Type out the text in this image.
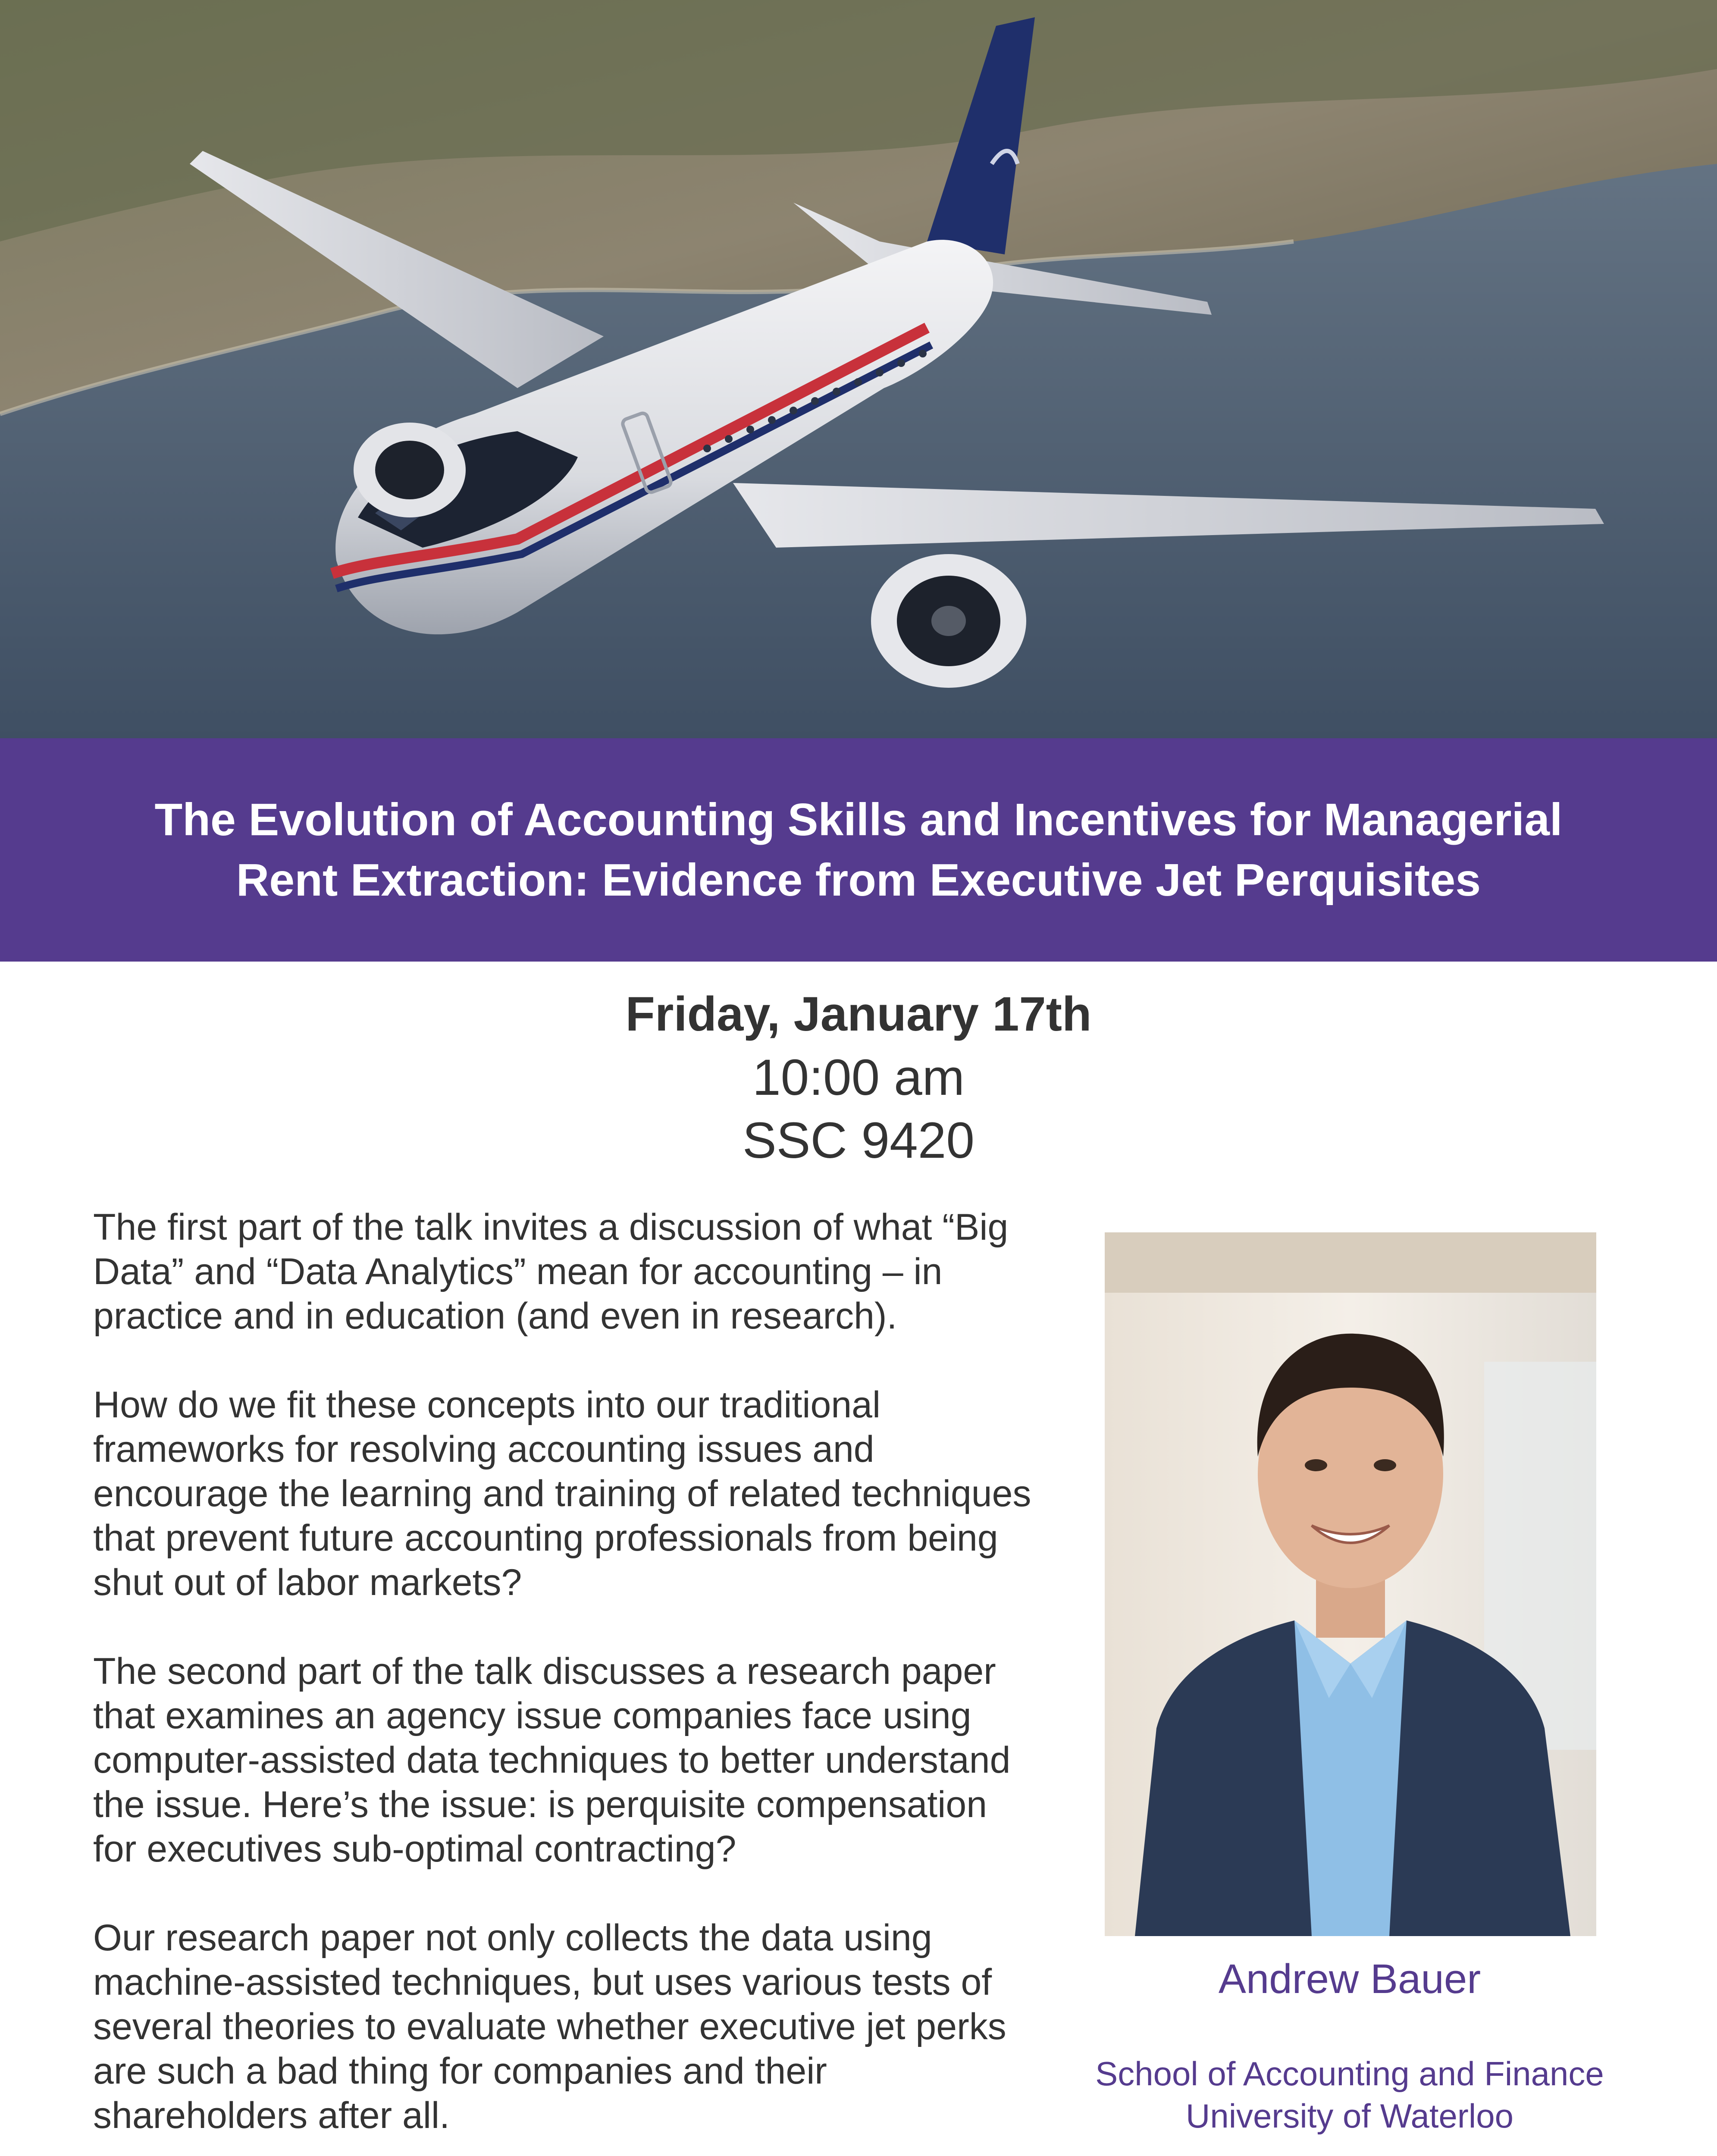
The Evolution of Accounting Skills and Incentives for Managerial Rent Extraction: Evidence from Executive Jet Perquisites
Friday, January 17th
10:00 am
SSC 9420

The first part of the talk invites a discussion of what “Big Data” and “Data Analytics” mean for accounting – in practice and in education (and even in research).

How do we fit these concepts into our traditional frameworks for resolving accounting issues and encourage the learning and training of related techniques that prevent future accounting professionals from being shut out of labor markets?

The second part of the talk discusses a research paper that examines an agency issue companies face using computer-assisted data techniques to better understand the issue. Here’s the issue: is perquisite compensation for executives sub-optimal contracting?

Our research paper not only collects the data using machine-assisted techniques, but uses various tests of several theories to evaluate whether executive jet perks are such a bad thing for companies and their shareholders after all.

Andrew Bauer
School of Accounting and Finance
University of Waterloo
